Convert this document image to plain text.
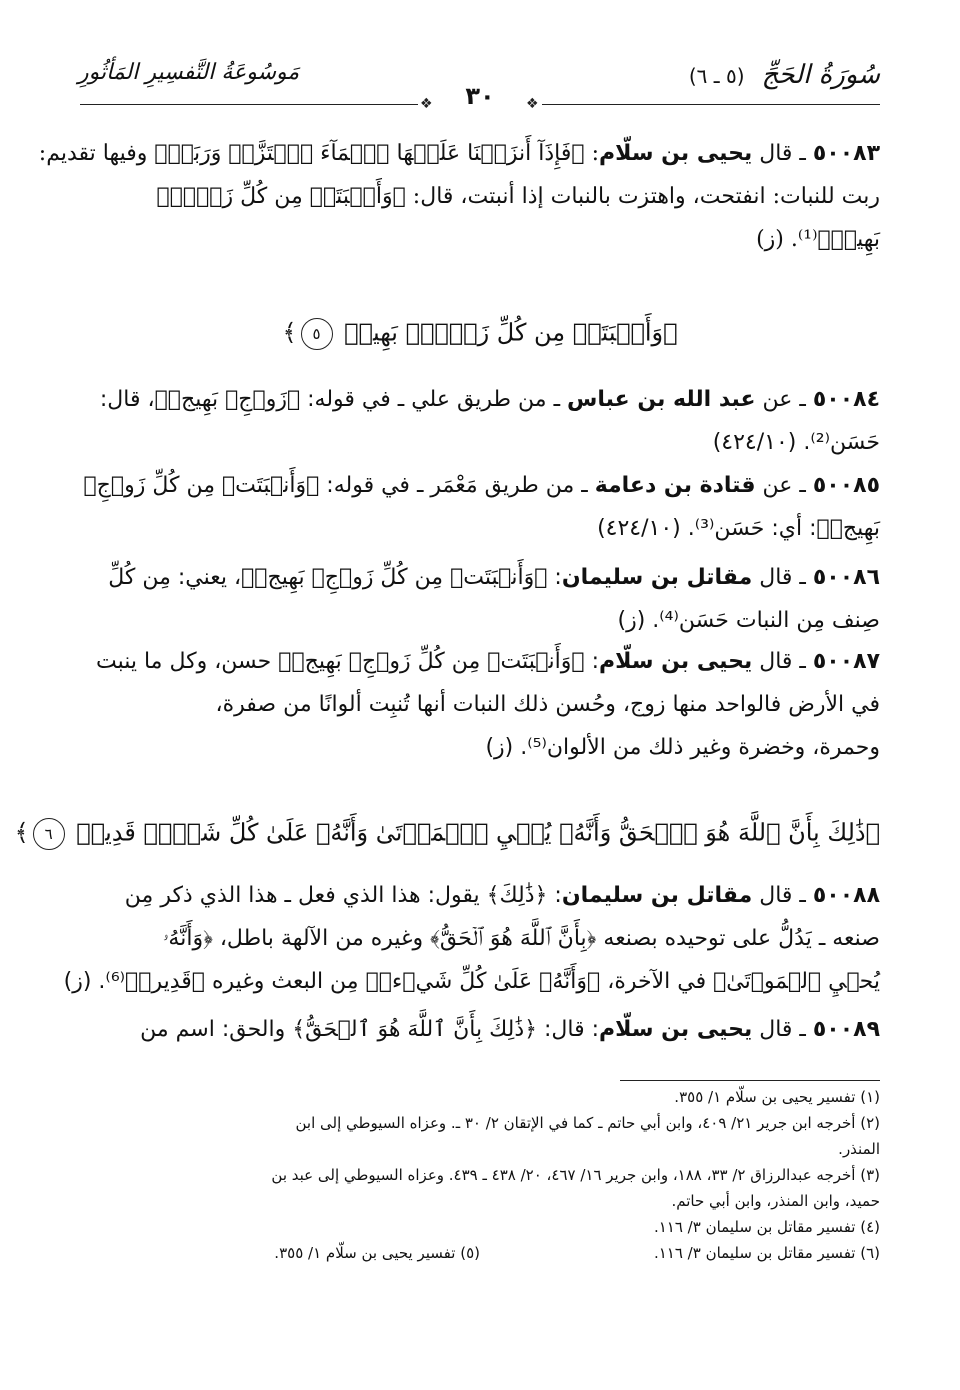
سُورَةُ الحَجِّ (٥ ـ ٦)
مَوسُوعَةُ التَّفسِيرِ المَأثُورِ
❖	❖
٣٠
٥٠٠٨٣ ـ قال يحيى بن سلّام: ﴿فَإِذَآ أَنزَلۡنَا عَلَيۡهَا ٱلۡمَآءَ ٱهۡتَزَّتۡ وَرَبَتۡ﴾ وفيها تقديم:
ربت للنبات: انفتحت، واهتزت بالنبات إذا أنبتت، قال: ﴿وَأَنۢبَتَتۡ مِن كُلِّ زَوۡجِۭ
بَهِيجٖ﴾⁽¹⁾. (ز)
﴿وَأَنۢبَتَتۡ مِن كُلِّ زَوۡجِۭ بَهِيجٖ ٥﴾
٥٠٠٨٤ ـ عن عبد الله بن عباس ـ من طريق علي ـ في قوله: ﴿زَوۡجِۭ بَهِيجٖ﴾، قال:
حَسَن⁽²⁾. (٤٢٤/١٠)
٥٠٠٨٥ ـ عن قتادة بن دعامة ـ من طريق مَعْمَر ـ في قوله: ﴿وَأَنۢبَتَتۡ مِن كُلِّ زَوۡجِۭ
بَهِيجٖ﴾: أي: حَسَن⁽³⁾. (٤٢٤/١٠)
٥٠٠٨٦ ـ قال مقاتل بن سليمان: ﴿وَأَنۢبَتَتۡ مِن كُلِّ زَوۡجِۭ بَهِيجٖ﴾، يعني: مِن كُلِّ
صِنف مِن النبات حَسَن⁽⁴⁾. (ز)
٥٠٠٨٧ ـ قال يحيى بن سلّام: ﴿وَأَنۢبَتَتۡ مِن كُلِّ زَوۡجِۭ بَهِيجٖ﴾ حسن، وكل ما ينبت
في الأرض فالواحد منها زوج، وحُسن ذلك النبات أنها تُنبِت ألوانًا من صفرة،
وحمرة، وخضرة وغير ذلك من الألوان⁽⁵⁾. (ز)
﴿ذَٰلِكَ بِأَنَّ ٱللَّهَ هُوَ ٱلۡحَقُّ وَأَنَّهُۥ يُحۡيِ ٱلۡمَوۡتَىٰ وَأَنَّهُۥ عَلَىٰ كُلِّ شَيۡءٖ قَدِيرٞ ٦﴾
٥٠٠٨٨ ـ قال مقاتل بن سليمان: ﴿ذَٰلِكَ﴾ يقول: هذا الذي فعل ـ هذا الذي ذكر مِن
صنعه ـ يَدُلُّ على توحيده بصنعه ﴿بِأَنَّ ٱللَّهَ هُوَ ٱلۡحَقُّ﴾ وغيره من الآلهة باطل، ﴿وَأَنَّهُۥ
يُحۡيِ ٱلۡمَوۡتَىٰ﴾ في الآخرة، ﴿وَأَنَّهُۥ عَلَىٰ كُلِّ شَيۡءٖ﴾ مِن البعث وغيره ﴿قَدِيرٞ﴾⁽⁶⁾. (ز)
٥٠٠٨٩ ـ قال يحيى بن سلّام: قال: ﴿ذَٰلِكَ بِأَنَّ ٱللَّهَ هُوَ ٱلۡحَقُّ﴾ والحق: اسم من
(١) تفسير يحيى بن سلّام ١/ ٣٥٥.
(٢) أخرجه ابن جرير ٢١/ ٤٠٩، وابن أبي حاتم ـ كما في الإتقان ٢/ ٣٠ ـ. وعزاه السيوطي إلى ابن
المنذر.
(٣) أخرجه عبدالرزاق ٢/ ٣٣، ١٨٨، وابن جرير ١٦/ ٤٦٧، ٢٠/ ٤٣٨ ـ ٤٣٩. وعزاه السيوطي إلى عبد بن
حميد، وابن المنذر، وابن أبي حاتم.
(٤) تفسير مقاتل بن سليمان ٣/ ١١٦.
(٦) تفسير مقاتل بن سليمان ٣/ ١١٦.
(٥) تفسير يحيى بن سلّام ١/ ٣٥٥.
